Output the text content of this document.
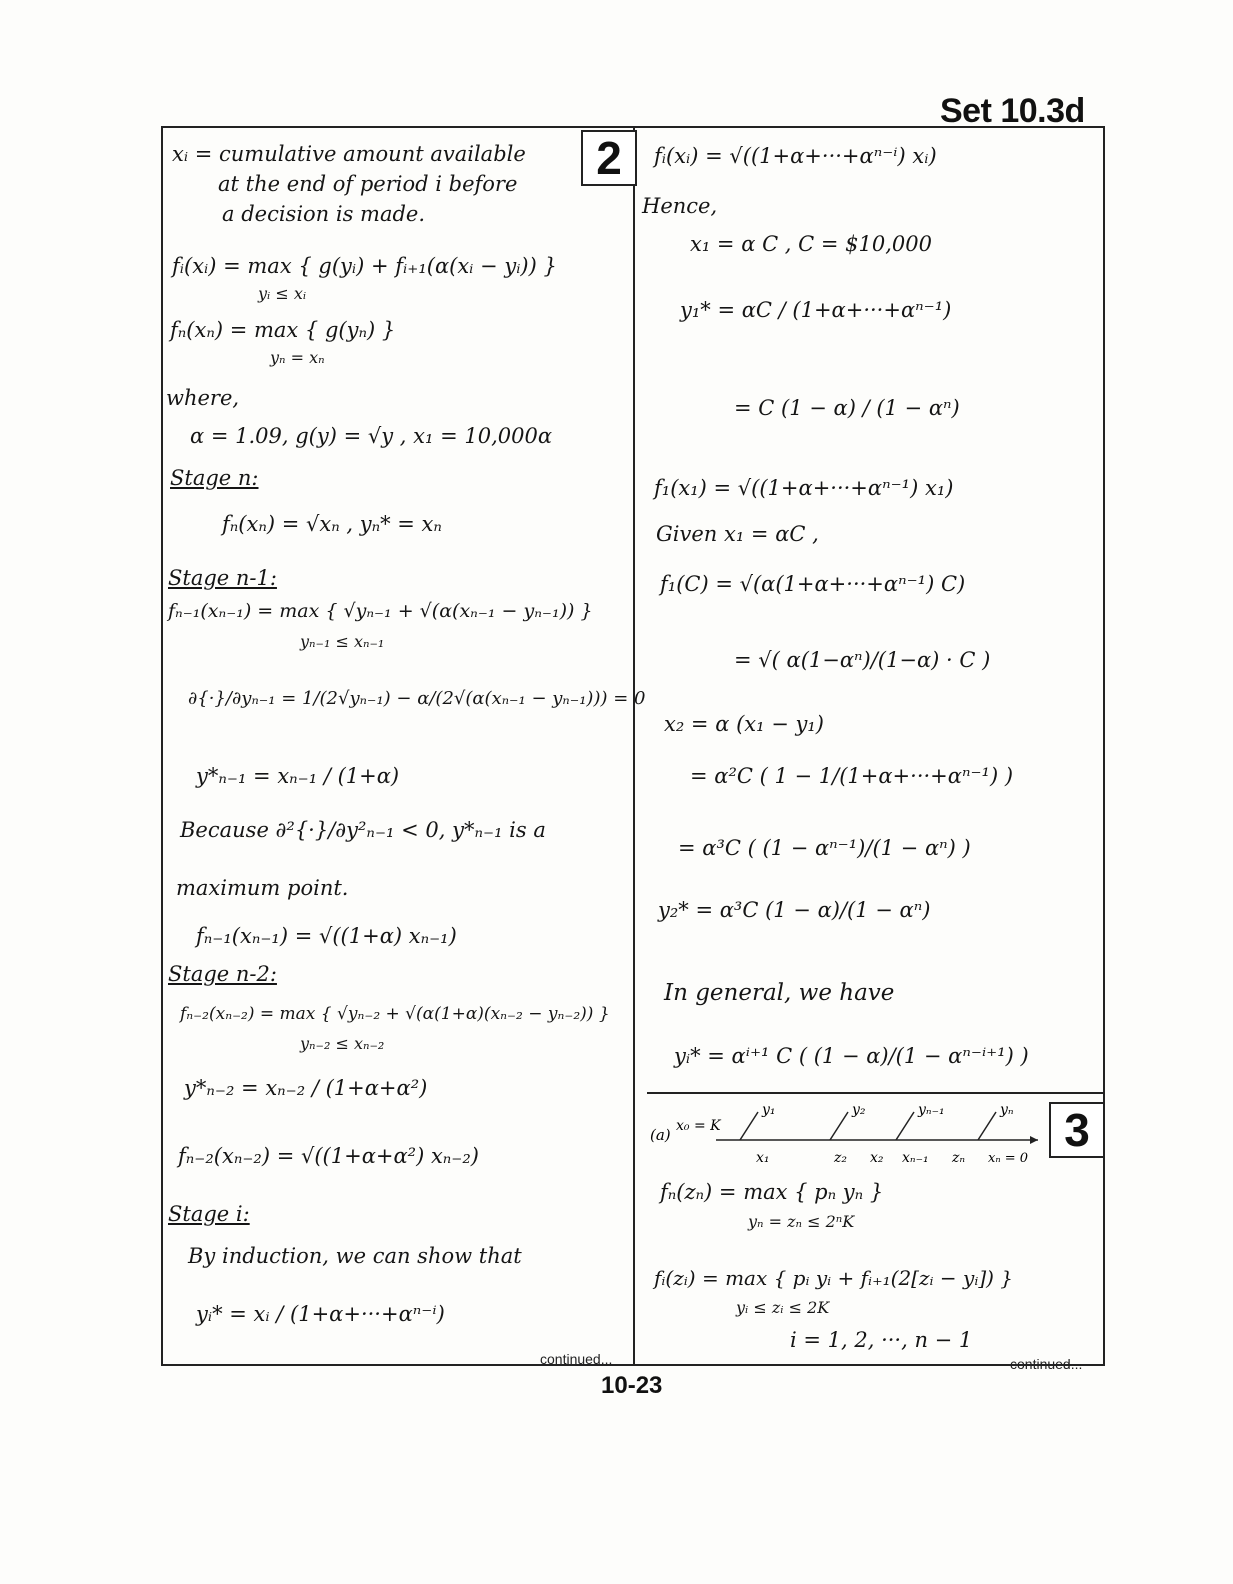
Set 10.3d
2
3
xᵢ = cumulative amount available
at the end of period i before
a decision is made.
fᵢ(xᵢ) = max { g(yᵢ) + fᵢ₊₁(α(xᵢ − yᵢ)) }
yᵢ ≤ xᵢ
fₙ(xₙ) = max { g(yₙ) }
yₙ = xₙ
where,
α = 1.09, g(y) = √y , x₁ = 10,000α
Stage n:
fₙ(xₙ) = √xₙ , yₙ* = xₙ
Stage n-1:
fₙ₋₁(xₙ₋₁) = max { √yₙ₋₁ + √(α(xₙ₋₁ − yₙ₋₁)) }
yₙ₋₁ ≤ xₙ₋₁
∂{·}/∂yₙ₋₁ = 1/(2√yₙ₋₁) − α/(2√(α(xₙ₋₁ − yₙ₋₁))) = 0
y*ₙ₋₁ = xₙ₋₁ / (1+α)
Because ∂²{·}/∂y²ₙ₋₁ < 0, y*ₙ₋₁ is a
maximum point.
fₙ₋₁(xₙ₋₁) = √((1+α) xₙ₋₁)
Stage n-2:
fₙ₋₂(xₙ₋₂) = max { √yₙ₋₂ + √(α(1+α)(xₙ₋₂ − yₙ₋₂)) }
yₙ₋₂ ≤ xₙ₋₂
y*ₙ₋₂ = xₙ₋₂ / (1+α+α²)
fₙ₋₂(xₙ₋₂) = √((1+α+α²) xₙ₋₂)
Stage i:
By induction, we can show that
yᵢ* = xᵢ / (1+α+···+αⁿ⁻ⁱ)
continued...
fᵢ(xᵢ) = √((1+α+···+αⁿ⁻ⁱ) xᵢ)
Hence,
x₁ = α C , C = $10,000
y₁* = αC / (1+α+···+αⁿ⁻¹)
= C (1 − α) / (1 − αⁿ)
f₁(x₁) = √((1+α+···+αⁿ⁻¹) x₁)
Given x₁ = αC ,
f₁(C) = √(α(1+α+···+αⁿ⁻¹) C)
= √( α(1−αⁿ)/(1−α) · C )
x₂ = α (x₁ − y₁)
= α²C ( 1 − 1/(1+α+···+αⁿ⁻¹) )
= α³C ( (1 − αⁿ⁻¹)/(1 − αⁿ) )
y₂* = α³C (1 − α)/(1 − αⁿ)
In general, we have
yᵢ* = αⁱ⁺¹ C ( (1 − α)/(1 − αⁿ⁻ⁱ⁺¹) )
(a) x₀ = K
y₁	y₂	yₙ₋₁	yₙ
x₁	z₂ x₂ xₙ₋₁ zₙ xₙ = 0
fₙ(zₙ) = max { pₙ yₙ }
yₙ = zₙ ≤ 2ⁿK
fᵢ(zᵢ) = max { pᵢ yᵢ + fᵢ₊₁(2[zᵢ − yᵢ]) }
yᵢ ≤ zᵢ ≤ 2K
i = 1, 2, ···, n − 1
continued...
10-23
